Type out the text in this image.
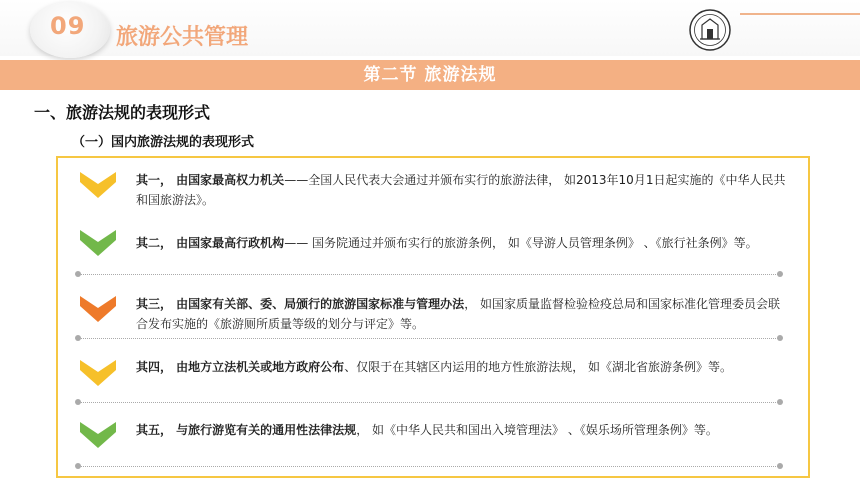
09 旅游公共管理
第二节 旅游法规
一、旅游法规的表现形式
（一）国内旅游法规的表现形式
其一， 由国家最高权力机关——全国人民代表大会通过并颁布实行的旅游法律， 如2013年10月1日起实施的《中华人民共和国旅游法》。
其二， 由国家最高行政机构—— 国务院通过并颁布实行的旅游条例， 如《导游人员管理条例》 、《旅行社条例》等。
其三， 由国家有关部、委、局颁行的旅游国家标准与管理办法， 如国家质量监督检验检疫总局和国家标准化管理委员会联合发布实施的《旅游厕所质量等级的划分与评定》等。
其四， 由地方立法机关或地方政府公布、仅限于在其辖区内运用的地方性旅游法规， 如《湖北省旅游条例》等。
其五， 与旅行游览有关的通用性法律法规， 如《中华人民共和国出入境管理法》 、《娱乐场所管理条例》等。
